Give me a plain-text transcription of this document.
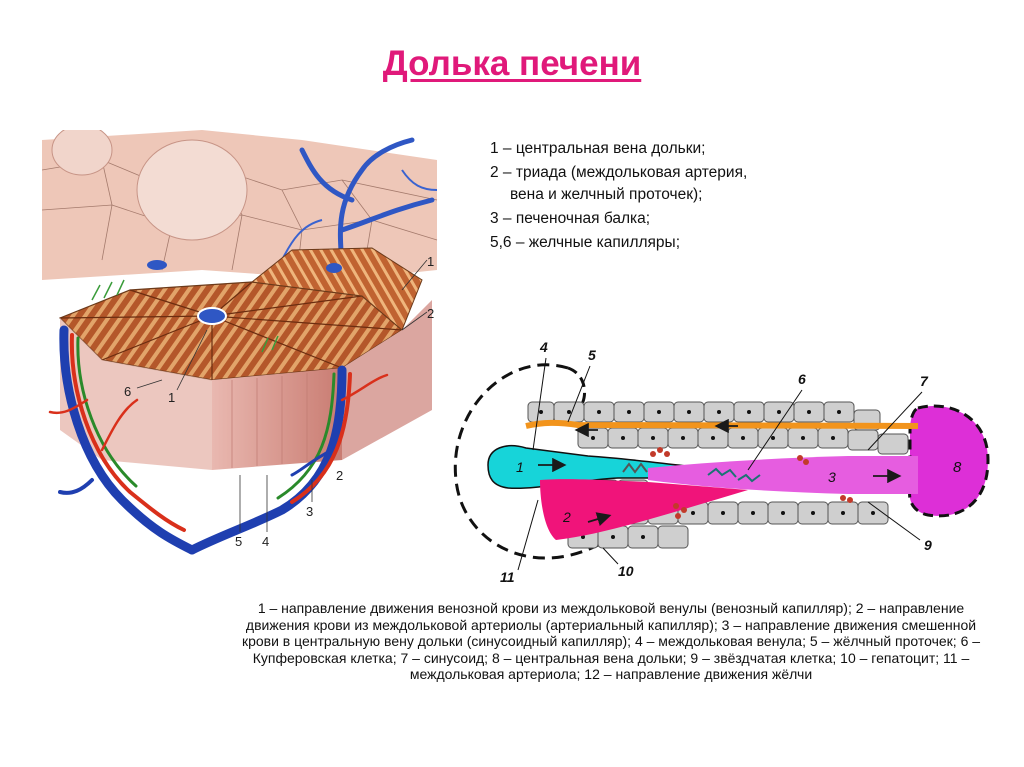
Долька печени
1 – центральная вена дольки;
2 – триада (междольковая артерия,
вена и желчный проточек);
3 – печеночная балка;
5,6 – желчные капилляры;
1
2
6	1
2
3
5 4
4	5
6	7
1
2
3
8
9
10
11
1 – направление движения венозной крови из междольковой венулы (венозный капилляр); 2 – направление движения крови из междольковой артериолы (артериальный капилляр); 3 – направление движения смешенной крови в центральную вену дольки (синусоидный капилляр); 4 – междольковая венула; 5 – жёлчный проточек; 6 – Купферовская клетка; 7 – синусоид; 8 – центральная вена дольки; 9 – звёздчатая клетка; 10 – гепатоцит; 11 – междольковая артериола; 12 – направление движения жёлчи
